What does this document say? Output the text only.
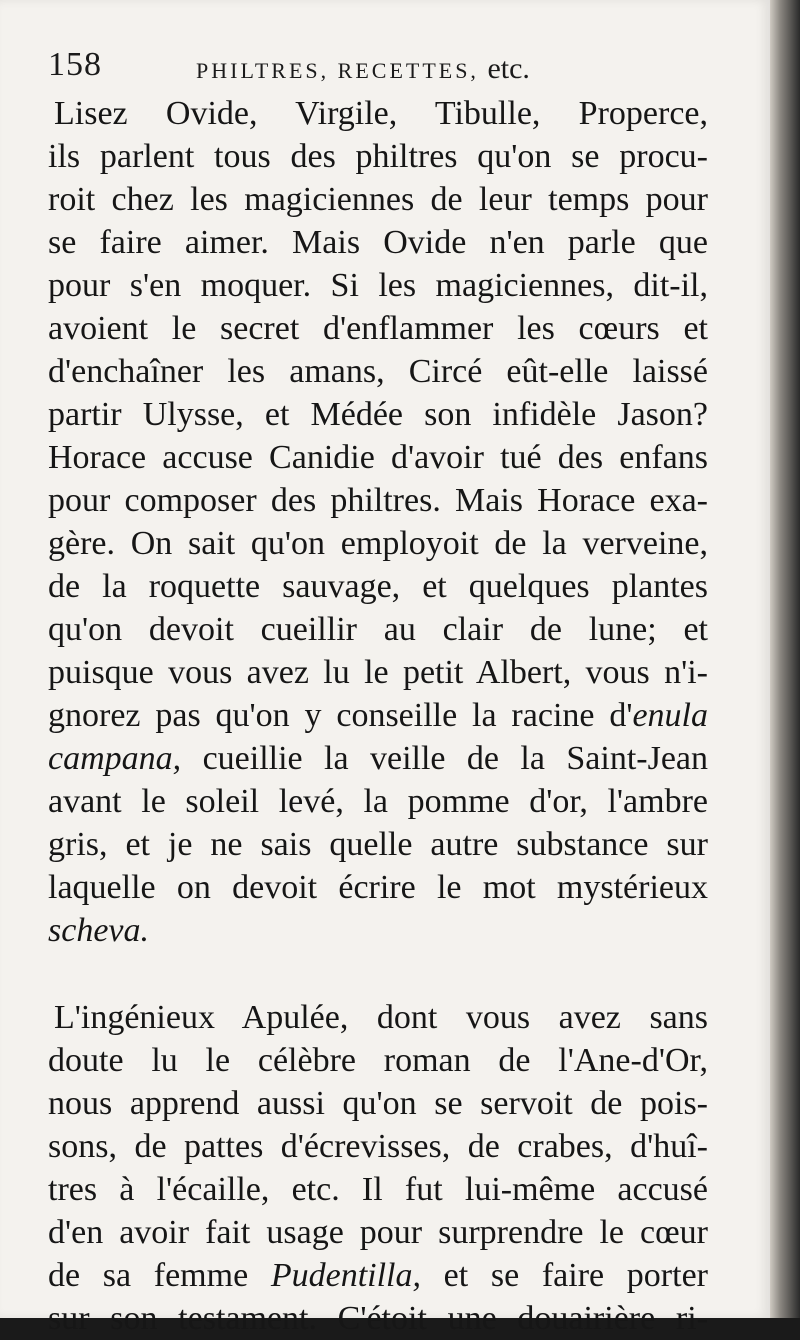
158	PHILTRES, RECETTES, etc.
Lisez Ovide, Virgile, Tibulle, Properce,
ils parlent tous des philtres qu'on se procu-
roit chez les magiciennes de leur temps pour
se faire aimer. Mais Ovide n'en parle que
pour s'en moquer. Si les magiciennes, dit-il,
avoient le secret d'enflammer les cœurs et
d'enchaîner les amans, Circé eût-elle laissé
partir Ulysse, et Médée son infidèle Jason?
Horace accuse Canidie d'avoir tué des enfans
pour composer des philtres. Mais Horace exa-
gère. On sait qu'on employoit de la verveine,
de la roquette sauvage, et quelques plantes
qu'on devoit cueillir au clair de lune; et
puisque vous avez lu le petit Albert, vous n'i-
gnorez pas qu'on y conseille la racine d'enula
campana, cueillie la veille de la Saint-Jean
avant le soleil levé, la pomme d'or, l'ambre
gris, et je ne sais quelle autre substance sur
laquelle on devoit écrire le mot mystérieux
scheva.
L'ingénieux Apulée, dont vous avez sans
doute lu le célèbre roman de l'Ane-d'Or,
nous apprend aussi qu'on se servoit de pois-
sons, de pattes d'écrevisses, de crabes, d'huî-
tres à l'écaille, etc. Il fut lui-même accusé
d'en avoir fait usage pour surprendre le cœur
de sa femme Pudentilla, et se faire porter
sur son testament. C'étoit une douairière ri-
